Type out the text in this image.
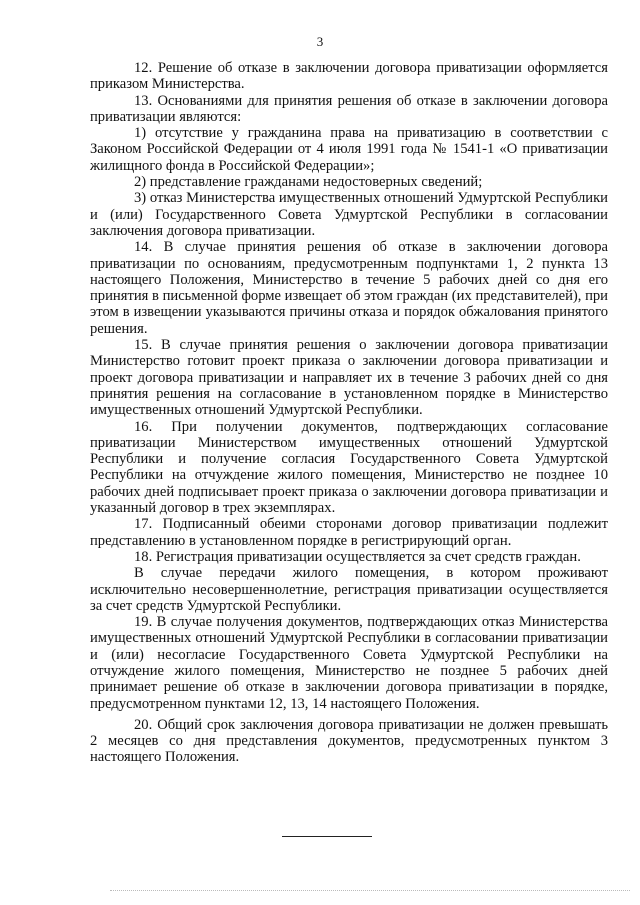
3

12. Решение об отказе в заключении договора приватизации оформляется приказом Министерства.

13. Основаниями для принятия решения об отказе в заключении договора приватизации являются:

1) отсутствие у гражданина права на приватизацию в соответствии с Законом Российской Федерации от 4 июля 1991 года № 1541-1 «О приватизации жилищного фонда в Российской Федерации»;

2) представление гражданами недостоверных сведений;

3) отказ Министерства имущественных отношений Удмуртской Республики и (или) Государственного Совета Удмуртской Республики в согласовании заключения договора приватизации.

14. В случае принятия решения об отказе в заключении договора приватизации по основаниям, предусмотренным подпунктами 1, 2 пункта 13 настоящего Положения, Министерство в течение 5 рабочих дней со дня его принятия в письменной форме извещает об этом граждан (их представителей), при этом в извещении указываются причины отказа и порядок обжалования принятого решения.

15. В случае принятия решения о заключении договора приватизации Министерство готовит проект приказа о заключении договора приватизации и проект договора приватизации и направляет их в течение 3 рабочих дней со дня принятия решения на согласование в установленном порядке в Министерство имущественных отношений Удмуртской Республики.

16. При получении документов, подтверждающих согласование приватизации Министерством имущественных отношений Удмуртской Республики и получение согласия Государственного Совета Удмуртской Республики на отчуждение жилого помещения, Министерство не позднее 10 рабочих дней подписывает проект приказа о заключении договора приватизации и указанный договор в трех экземплярах.

17. Подписанный обеими сторонами договор приватизации подлежит представлению в установленном порядке в регистрирующий орган.

18. Регистрация приватизации осуществляется за счет средств граждан.

В случае передачи жилого помещения, в котором проживают исключительно несовершеннолетние, регистрация приватизации осуществляется за счет средств Удмуртской Республики.

19. В случае получения документов, подтверждающих отказ Министерства имущественных отношений Удмуртской Республики в согласовании приватизации и (или) несогласие Государственного Совета Удмуртской Республики на отчуждение жилого помещения, Министерство не позднее 5 рабочих дней принимает решение об отказе в заключении договора приватизации в порядке, предусмотренном пунктами 12, 13, 14 настоящего Положения.

20. Общий срок заключения договора приватизации не должен превышать 2 месяцев со дня представления документов, предусмотренных пунктом 3 настоящего Положения.
